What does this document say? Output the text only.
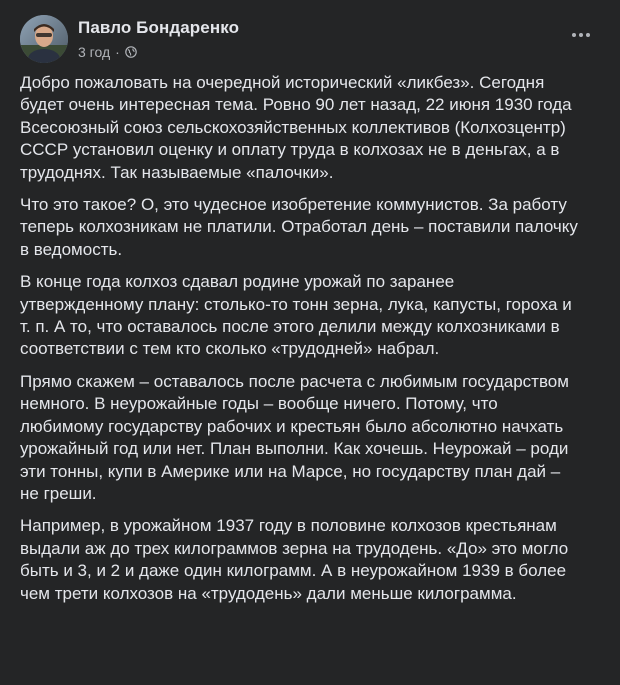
Павло Бондаренко
3 год ·

Добро пожаловать на очередной исторический «ликбез». Сегодня будет очень интересная тема. Ровно 90 лет назад, 22 июня 1930 года Всесоюзный союз сельскохозяйственных коллективов (Колхозцентр) СССР установил оценку и оплату труда в колхозах не в деньгах, а в трудоднях. Так называемые «палочки».

Что это такое? О, это чудесное изобретение коммунистов. За работу теперь колхозникам не платили. Отработал день – поставили палочку в ведомость.

В конце года колхоз сдавал родине урожай по заранее утвержденному плану: столько-то тонн зерна, лука, капусты, гороха и т. п. А то, что оставалось после этого делили между колхозниками в соответствии с тем кто сколько «трудодней» набрал.

Прямо скажем – оставалось после расчета с любимым государством немного. В неурожайные годы – вообще ничего. Потому, что любимому государству рабочих и крестьян было абсолютно начхать урожайный год или нет. План выполни. Как хочешь. Неурожай – роди эти тонны, купи в Америке или на Марсе, но государству план дай – не греши.

Например, в урожайном 1937 году в половине колхозов крестьянам выдали аж до трех килограммов зерна на трудодень. «До» это могло быть и 3, и 2 и даже один килограмм. А в неурожайном 1939 в более чем трети колхозов на «трудодень» дали меньше килограмма.
